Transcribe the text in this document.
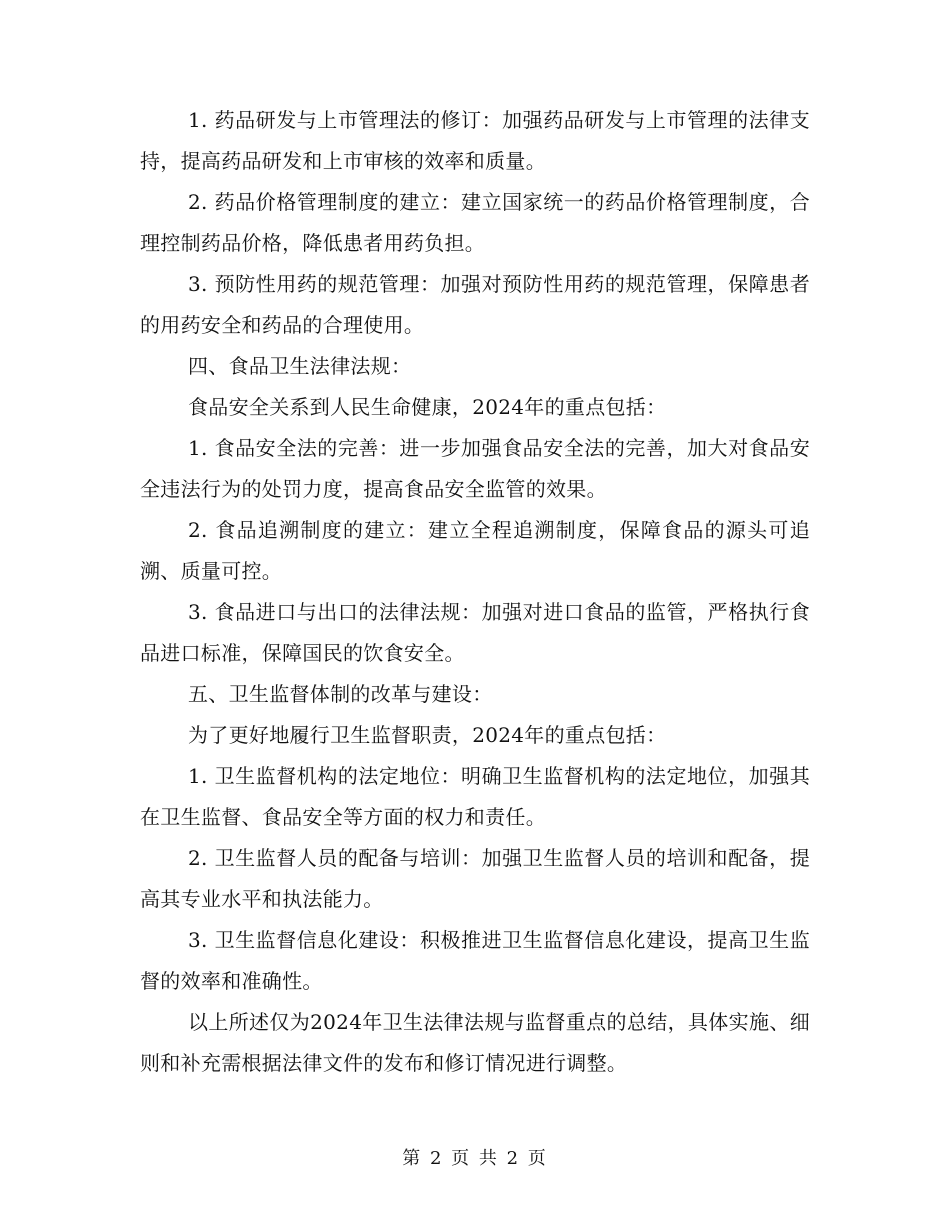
1. 药品研发与上市管理法的修订：加强药品研发与上市管理的法律支持，提高药品研发和上市审核的效率和质量。

2. 药品价格管理制度的建立：建立国家统一的药品价格管理制度，合理控制药品价格，降低患者用药负担。

3. 预防性用药的规范管理：加强对预防性用药的规范管理，保障患者的用药安全和药品的合理使用。

四、食品卫生法律法规：

食品安全关系到人民生命健康，2024年的重点包括：

1. 食品安全法的完善：进一步加强食品安全法的完善，加大对食品安全违法行为的处罚力度，提高食品安全监管的效果。

2. 食品追溯制度的建立：建立全程追溯制度，保障食品的源头可追溯、质量可控。

3. 食品进口与出口的法律法规：加强对进口食品的监管，严格执行食品进口标准，保障国民的饮食安全。

五、卫生监督体制的改革与建设：

为了更好地履行卫生监督职责，2024年的重点包括：

1. 卫生监督机构的法定地位：明确卫生监督机构的法定地位，加强其在卫生监督、食品安全等方面的权力和责任。

2. 卫生监督人员的配备与培训：加强卫生监督人员的培训和配备，提高其专业水平和执法能力。

3. 卫生监督信息化建设：积极推进卫生监督信息化建设，提高卫生监督的效率和准确性。

以上所述仅为2024年卫生法律法规与监督重点的总结，具体实施、细则和补充需根据法律文件的发布和修订情况进行调整。

第 2 页 共 2 页
